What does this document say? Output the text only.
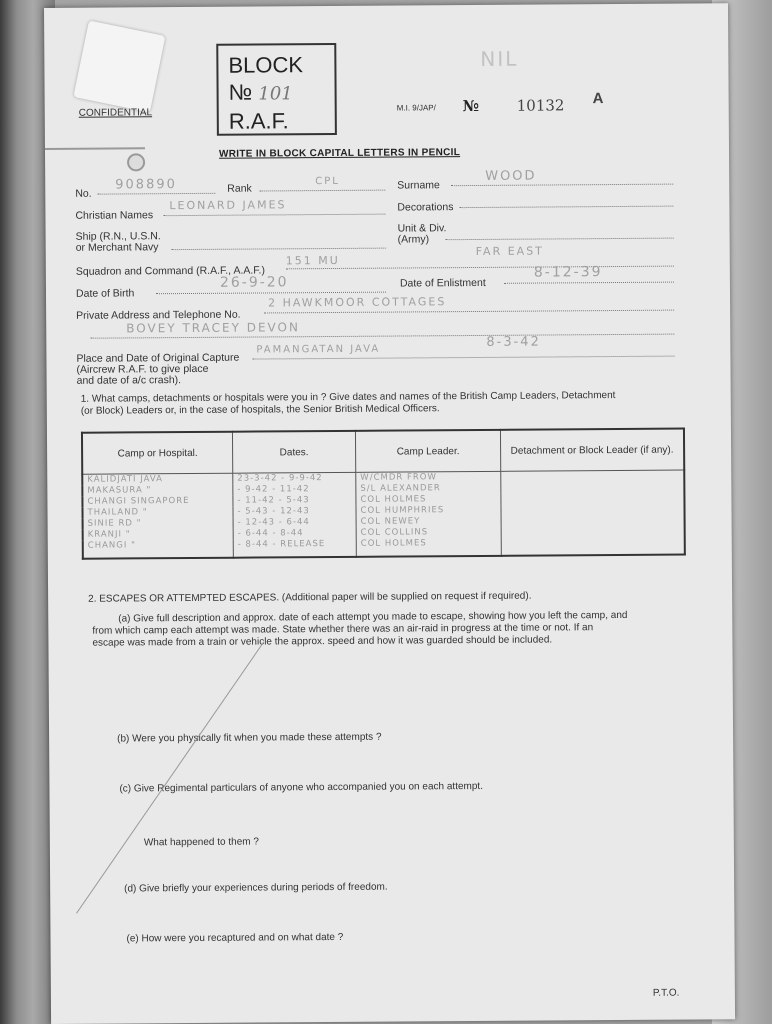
BLOCK
№ 101
R.A.F.
CONFIDENTIAL	M.I. 9/JAP/ №	10132 A
NIL
WRITE IN BLOCK CAPITAL LETTERS IN PENCIL
No.
908890	Rank
CPL	Surname
WOOD
Christian Names
LEONARD JAMES	Decorations
Ship (R.N., U.S.N.
or Merchant Navy
Unit & Div.
(Army)
Squadron and Command (R.A.F., A.A.F.)
151 MU
FAR EAST
Date of Birth
26-9-20	Date of Enlistment
8-12-39
Private Address and Telephone No.
2 HAWKMOOR COTTAGES
BOVEY TRACEY DEVON
Place and Date of Original Capture
(Aircrew R.A.F. to give place
and date of a/c crash).
PAMANGATAN JAVA	8-3-42
1. What camps, detachments or hospitals were you in ? Give dates and names of the British Camp Leaders, Detachment
(or Block) Leaders or, in the case of hospitals, the Senior British Medical Officers.
Camp or Hospital.	Dates.	Camp Leader.	Detachment or Block Leader (if any).
KALIDJATI JAVA	23-3-42 - 9-9-42	W/CMDR FROW	
MAKASURA "	- 9-42 - 11-42	S/L ALEXANDER	
CHANGI SINGAPORE	- 11-42 - 5-43	COL HOLMES	
THAILAND "	- 5-43 - 12-43	COL HUMPHRIES	
SINIE RD "	- 12-43 - 6-44	COL NEWEY	
KRANJI "	- 6-44 - 8-44	COL COLLINS	
CHANGI "	- 8-44 - RELEASE	COL HOLMES	
2. ESCAPES OR ATTEMPTED ESCAPES. (Additional paper will be supplied on request if required).
(a) Give full description and approx. date of each attempt you made to escape, showing how you left the camp, and
from which camp each attempt was made. State whether there was an air-raid in progress at the time or not. If an
escape was made from a train or vehicle the approx. speed and how it was guarded should be included.
(b) Were you physically fit when you made these attempts ?
(c) Give Regimental particulars of anyone who accompanied you on each attempt.
What happened to them ?
(d) Give briefly your experiences during periods of freedom.
(e) How were you recaptured and on what date ?
P.T.O.
